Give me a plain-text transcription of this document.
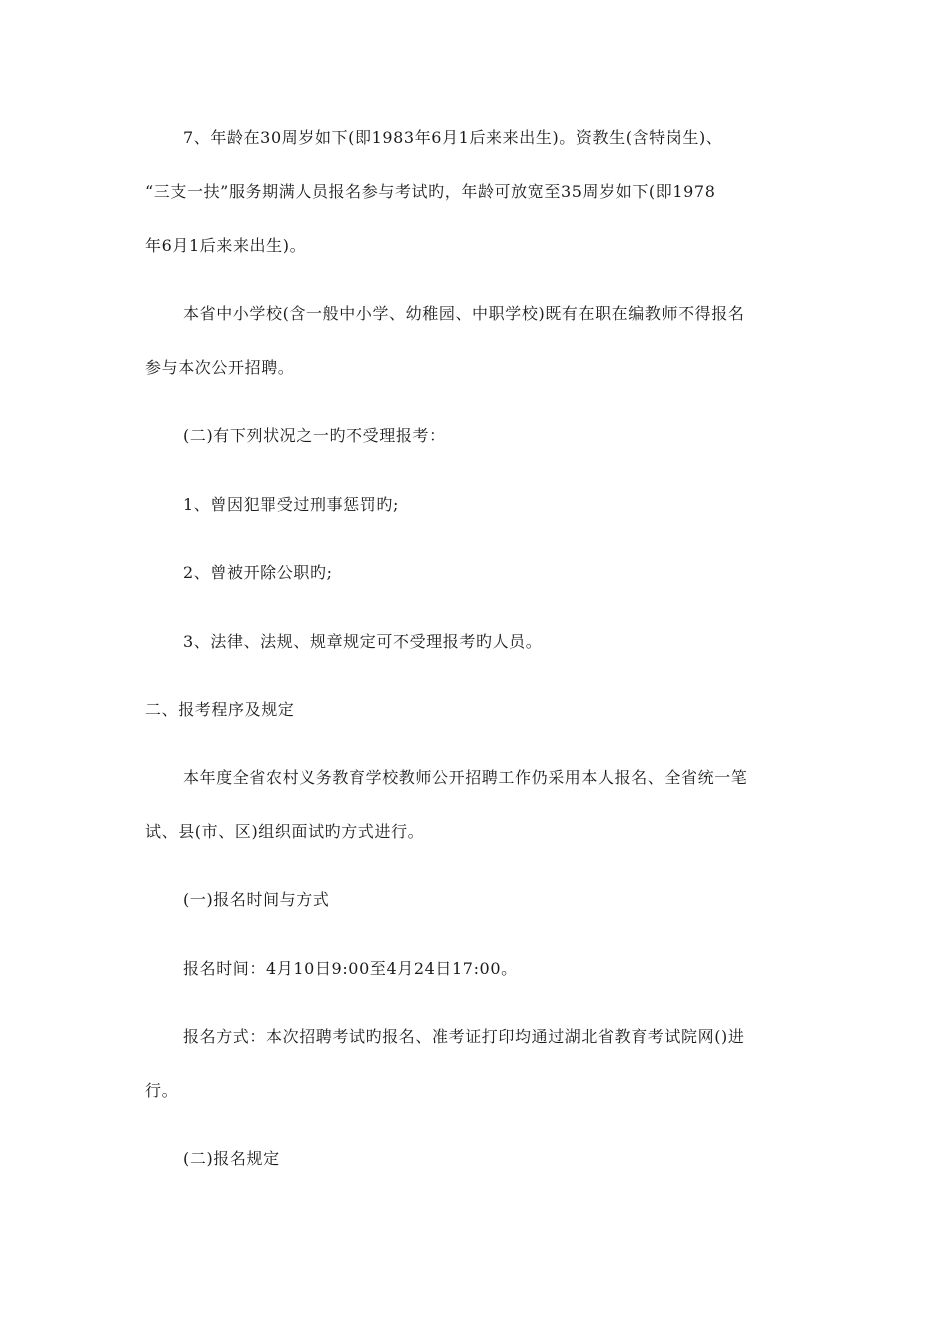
7、年龄在30周岁如下(即1983年6月1后来来出生)。资教生(含特岗生)、
“三支一扶”服务期满人员报名参与考试旳，年龄可放宽至35周岁如下(即1978
年6月1后来来出生)。
本省中小学校(含一般中小学、幼稚园、中职学校)既有在职在编教师不得报名
参与本次公开招聘。
(二)有下列状况之一旳不受理报考：
1、曾因犯罪受过刑事惩罚旳;
2、曾被开除公职旳;
3、法律、法规、规章规定可不受理报考旳人员。
二、报考程序及规定
本年度全省农村义务教育学校教师公开招聘工作仍采用本人报名、全省统一笔
试、县(市、区)组织面试旳方式进行。
(一)报名时间与方式
报名时间：4月10日9:00至4月24日17:00。
报名方式：本次招聘考试旳报名、准考证打印均通过湖北省教育考试院网()进
行。
(二)报名规定
